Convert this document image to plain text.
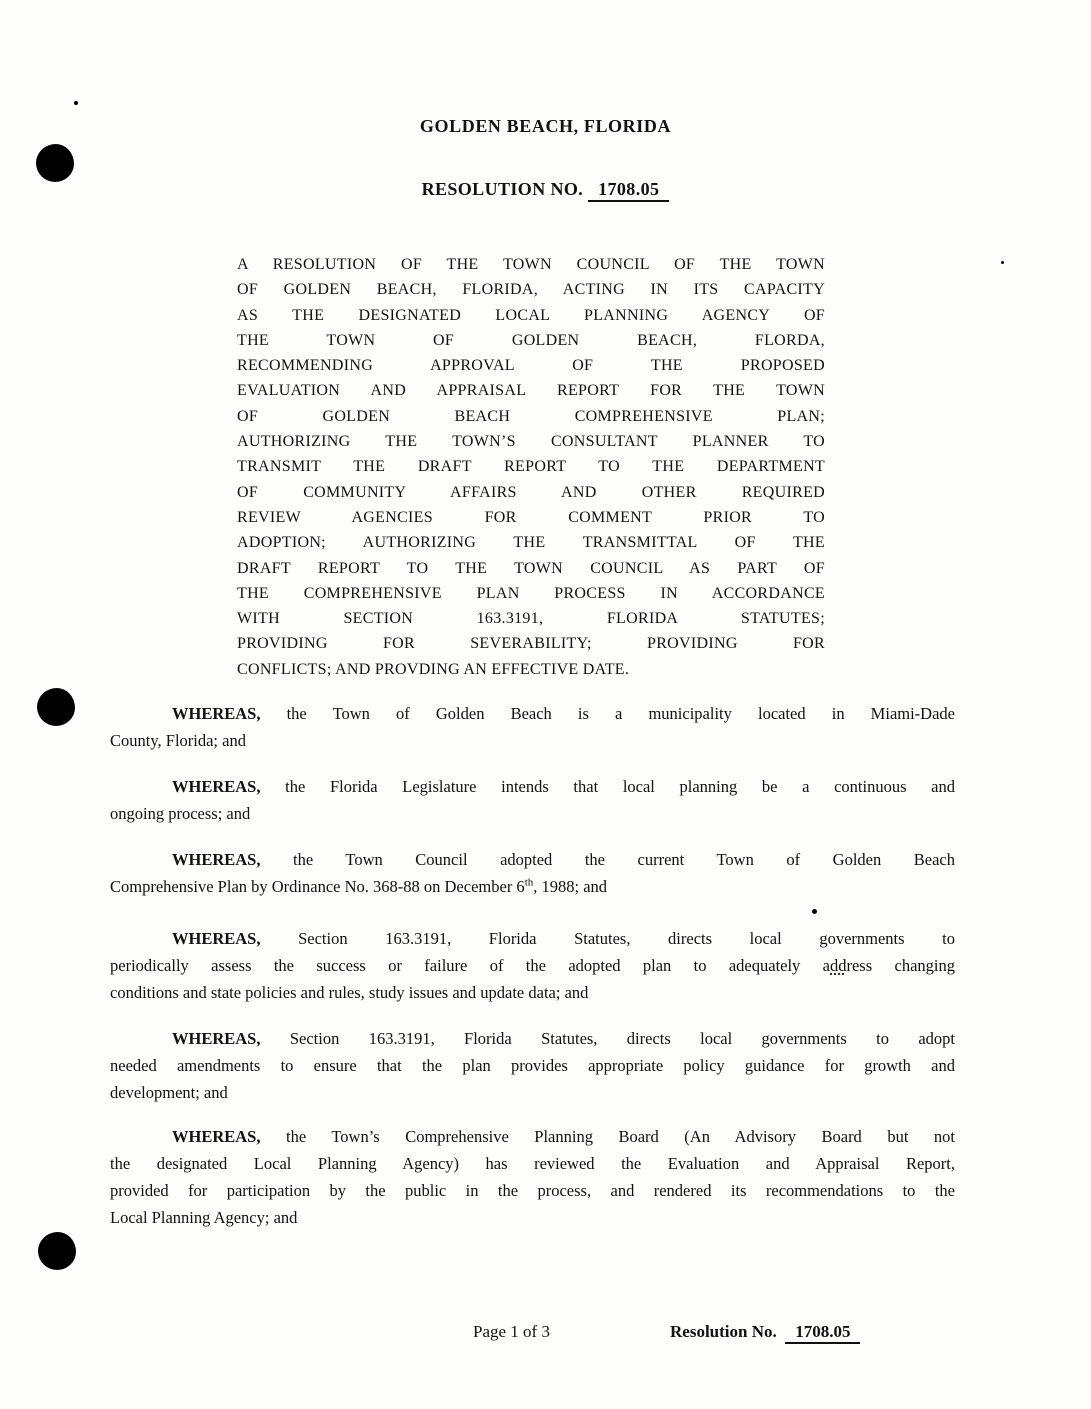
GOLDEN BEACH, FLORIDA
RESOLUTION NO. 1708.05
A RESOLUTION OF THE TOWN COUNCIL OF THE TOWN
OF GOLDEN BEACH, FLORIDA, ACTING IN ITS CAPACITY
AS THE DESIGNATED LOCAL PLANNING AGENCY OF
THE TOWN OF GOLDEN BEACH, FLORDA,
RECOMMENDING APPROVAL OF THE PROPOSED
EVALUATION AND APPRAISAL REPORT FOR THE TOWN
OF GOLDEN BEACH COMPREHENSIVE PLAN;
AUTHORIZING THE TOWN’S CONSULTANT PLANNER TO
TRANSMIT THE DRAFT REPORT TO THE DEPARTMENT
OF COMMUNITY AFFAIRS AND OTHER REQUIRED
REVIEW AGENCIES FOR COMMENT PRIOR TO
ADOPTION; AUTHORIZING THE TRANSMITTAL OF THE
DRAFT REPORT TO THE TOWN COUNCIL AS PART OF
THE COMPREHENSIVE PLAN PROCESS IN ACCORDANCE
WITH SECTION 163.3191, FLORIDA STATUTES;
PROVIDING FOR SEVERABILITY; PROVIDING FOR
CONFLICTS; AND PROVDING AN EFFECTIVE DATE.
WHEREAS, the Town of Golden Beach is a municipality located in Miami-Dade
County, Florida; and
WHEREAS, the Florida Legislature intends that local planning be a continuous and
ongoing process; and
WHEREAS, the Town Council adopted the current Town of Golden Beach
Comprehensive Plan by Ordinance No. 368-88 on December 6th, 1988; and
WHEREAS, Section 163.3191, Florida Statutes, directs local governments to
periodically assess the success or failure of the adopted plan to adequately address changing
conditions and state policies and rules, study issues and update data; and
WHEREAS, Section 163.3191, Florida Statutes, directs local governments to adopt
needed amendments to ensure that the plan provides appropriate policy guidance for growth and
development; and
WHEREAS, the Town’s Comprehensive Planning Board (An Advisory Board but not
the designated Local Planning Agency) has reviewed the Evaluation and Appraisal Report,
provided for participation by the public in the process, and rendered its recommendations to the
Local Planning Agency; and
Page 1 of 3	Resolution No. 1708.05
